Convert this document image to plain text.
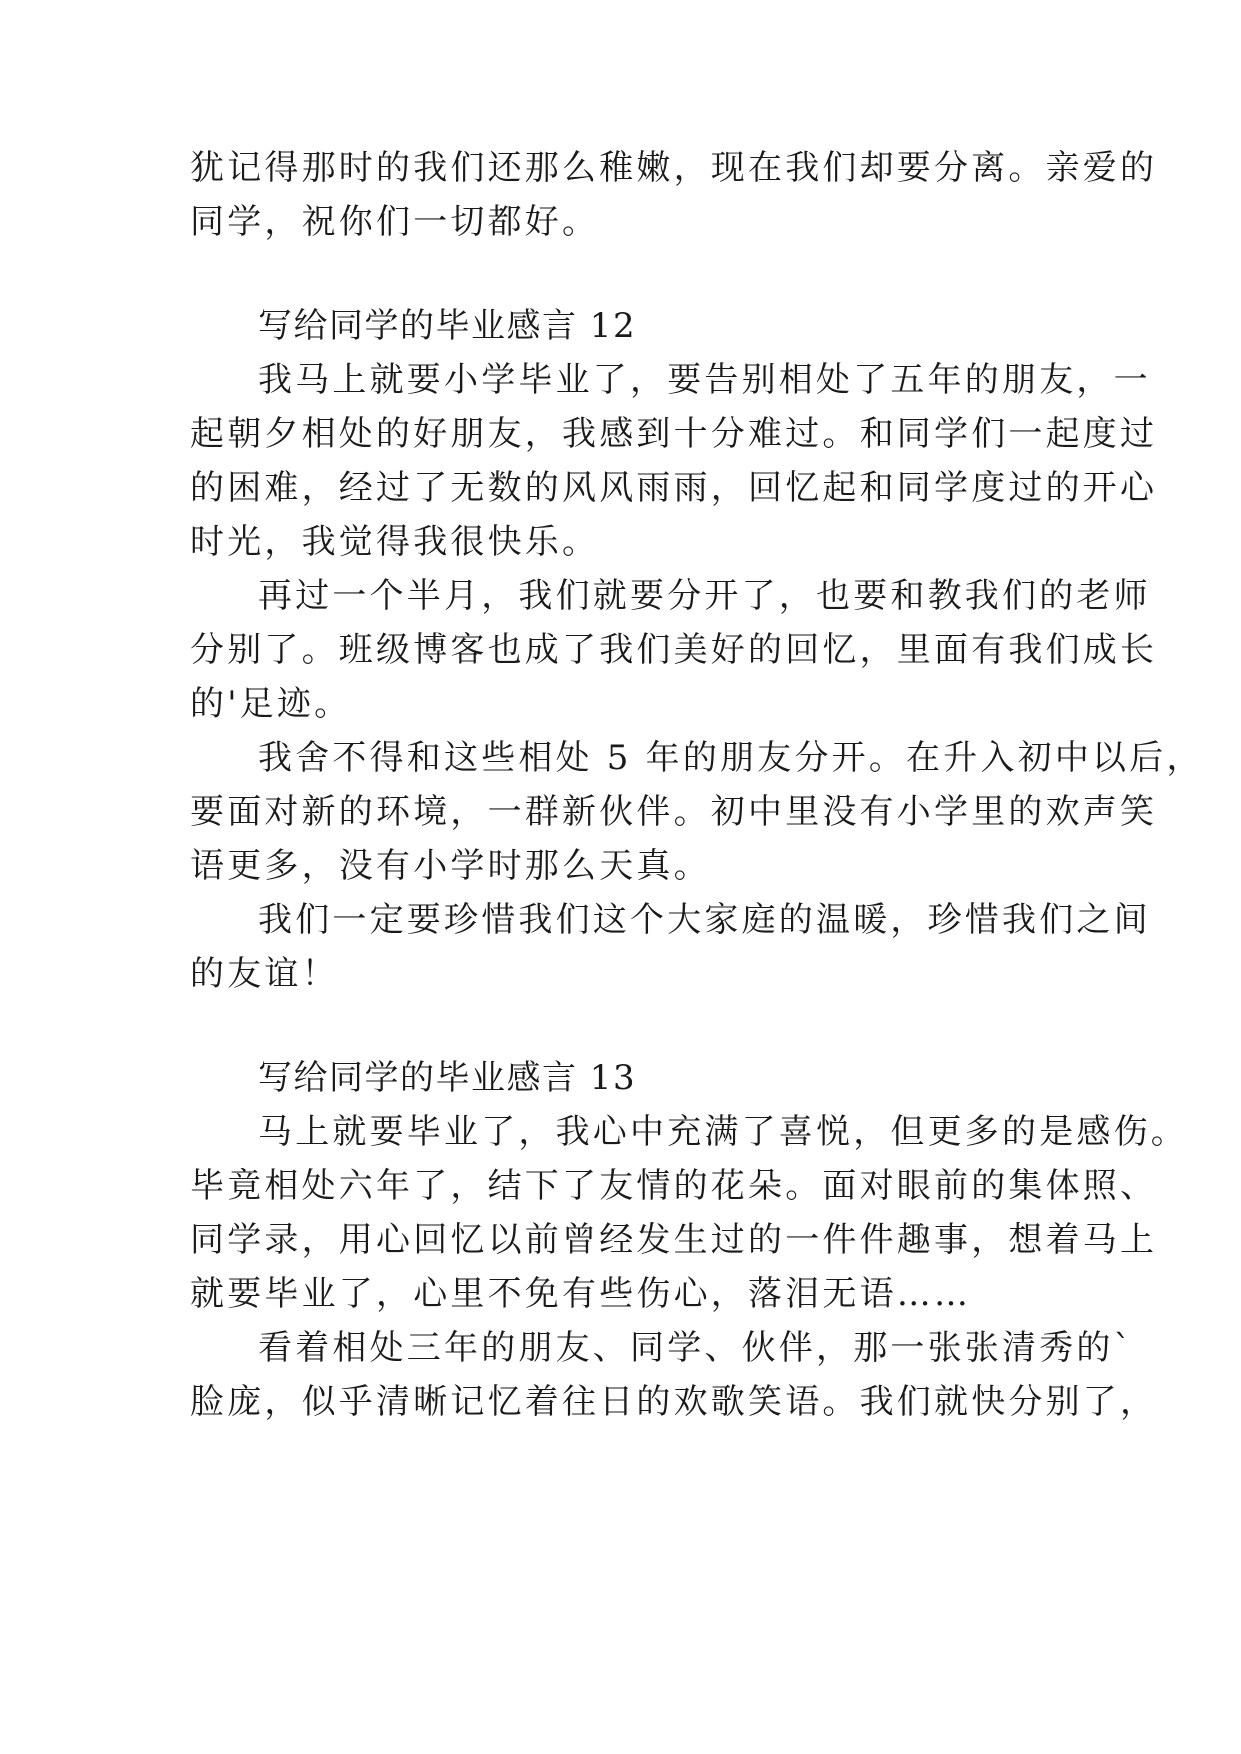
犹记得那时的我们还那么稚嫩，现在我们却要分离。亲爱的
同学，祝你们一切都好。
写给同学的毕业感言 12
我马上就要小学毕业了，要告别相处了五年的朋友，一
起朝夕相处的好朋友，我感到十分难过。和同学们一起度过
的困难，经过了无数的风风雨雨，回忆起和同学度过的开心
时光，我觉得我很快乐。
再过一个半月，我们就要分开了，也要和教我们的老师
分别了。班级博客也成了我们美好的回忆，里面有我们成长
的'足迹。
我舍不得和这些相处 5 年的朋友分开。在升入初中以后，
要面对新的环境，一群新伙伴。初中里没有小学里的欢声笑
语更多，没有小学时那么天真。
我们一定要珍惜我们这个大家庭的温暖，珍惜我们之间
的友谊！
写给同学的毕业感言 13
马上就要毕业了，我心中充满了喜悦，但更多的是感伤。
毕竟相处六年了，结下了友情的花朵。面对眼前的集体照、
同学录，用心回忆以前曾经发生过的一件件趣事，想着马上
就要毕业了，心里不免有些伤心，落泪无语……
看着相处三年的朋友、同学、伙伴，那一张张清秀的`
脸庞，似乎清晰记忆着往日的欢歌笑语。我们就快分别了，
